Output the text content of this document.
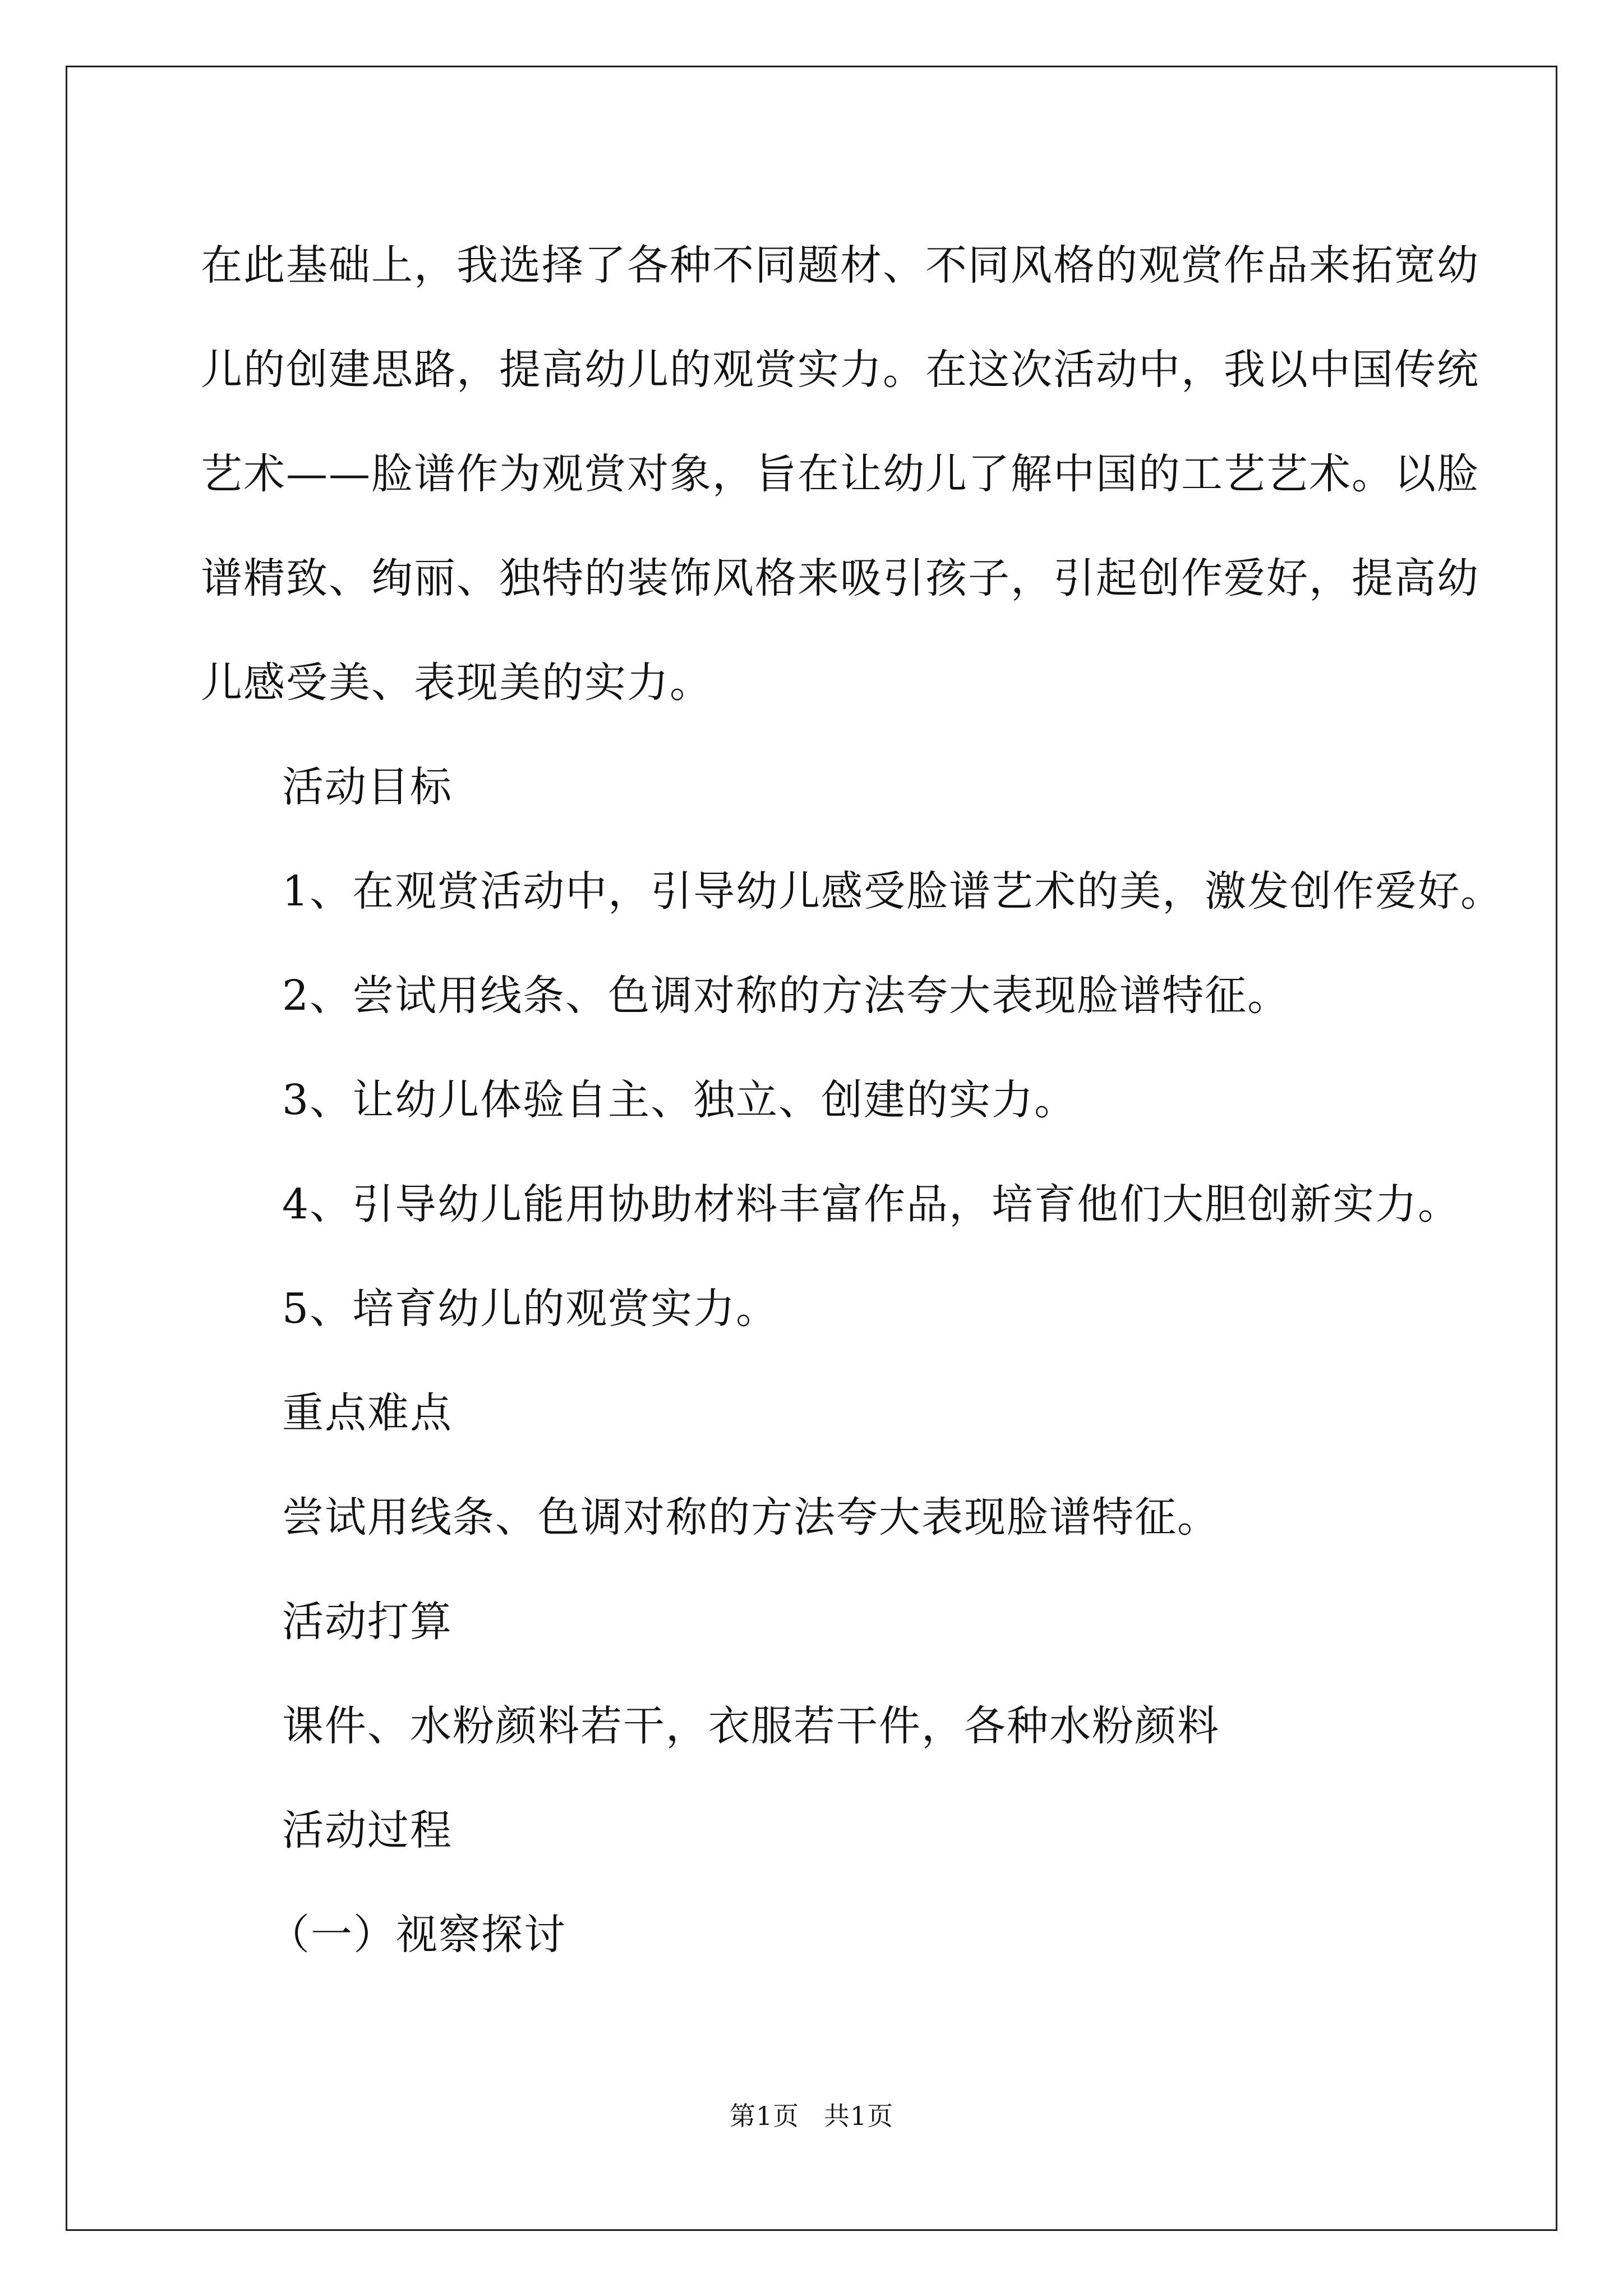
在此基础上，我选择了各种不同题材、不同风格的观赏作品来拓宽幼
儿的创建思路，提高幼儿的观赏实力。在这次活动中，我以中国传统
艺术——脸谱作为观赏对象，旨在让幼儿了解中国的工艺艺术。以脸
谱精致、绚丽、独特的装饰风格来吸引孩子，引起创作爱好，提高幼
儿感受美、表现美的实力。
活动目标
1、在观赏活动中，引导幼儿感受脸谱艺术的美，激发创作爱好。
2、尝试用线条、色调对称的方法夸大表现脸谱特征。
3、让幼儿体验自主、独立、创建的实力。
4、引导幼儿能用协助材料丰富作品，培育他们大胆创新实力。
5、培育幼儿的观赏实力。
重点难点
尝试用线条、色调对称的方法夸大表现脸谱特征。
活动打算
课件、水粉颜料若干，衣服若干件，各种水粉颜料
活动过程
（一）视察探讨
第1页 共1页
